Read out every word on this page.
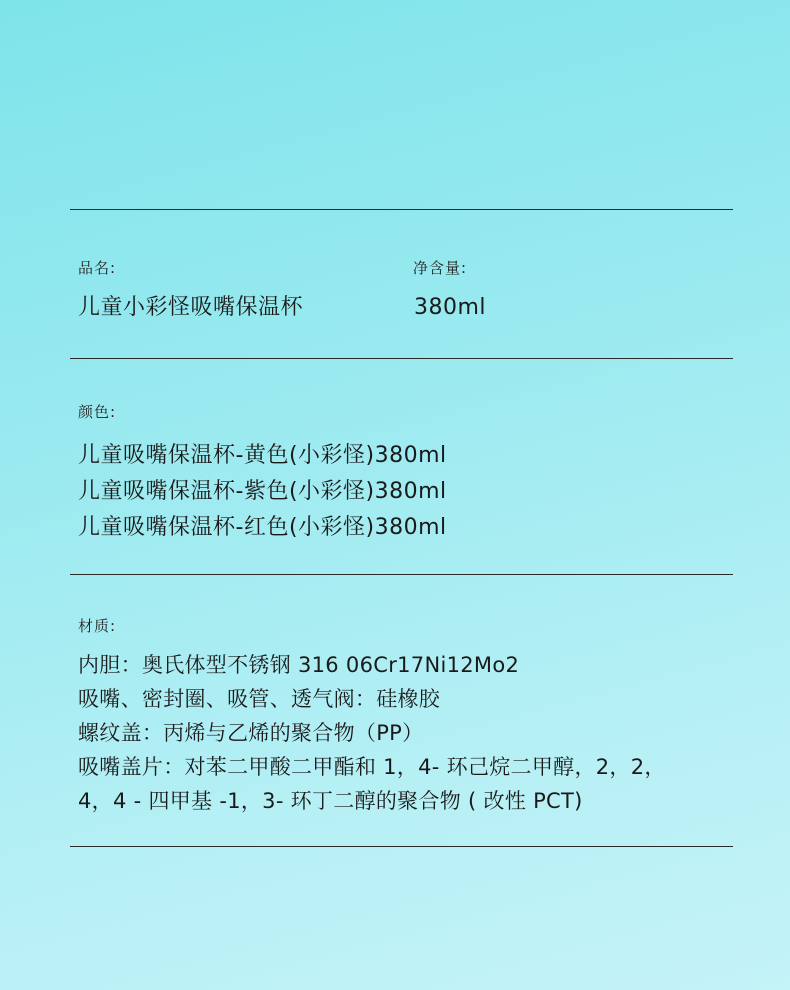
品名:
儿童小彩怪吸嘴保温杯
净含量:
380ml
颜色:
儿童吸嘴保温杯-黄色(小彩怪)380ml
儿童吸嘴保温杯-紫色(小彩怪)380ml
儿童吸嘴保温杯-红色(小彩怪)380ml
材质:
内胆：奥氏体型不锈钢 316 06Cr17Ni12Mo2
吸嘴、密封圈、吸管、透气阀：硅橡胶
螺纹盖：丙烯与乙烯的聚合物（PP）
吸嘴盖片：对苯二甲酸二甲酯和 1，4- 环己烷二甲醇，2，2，
4，4 - 四甲基 -1，3- 环丁二醇的聚合物 ( 改性 PCT)
